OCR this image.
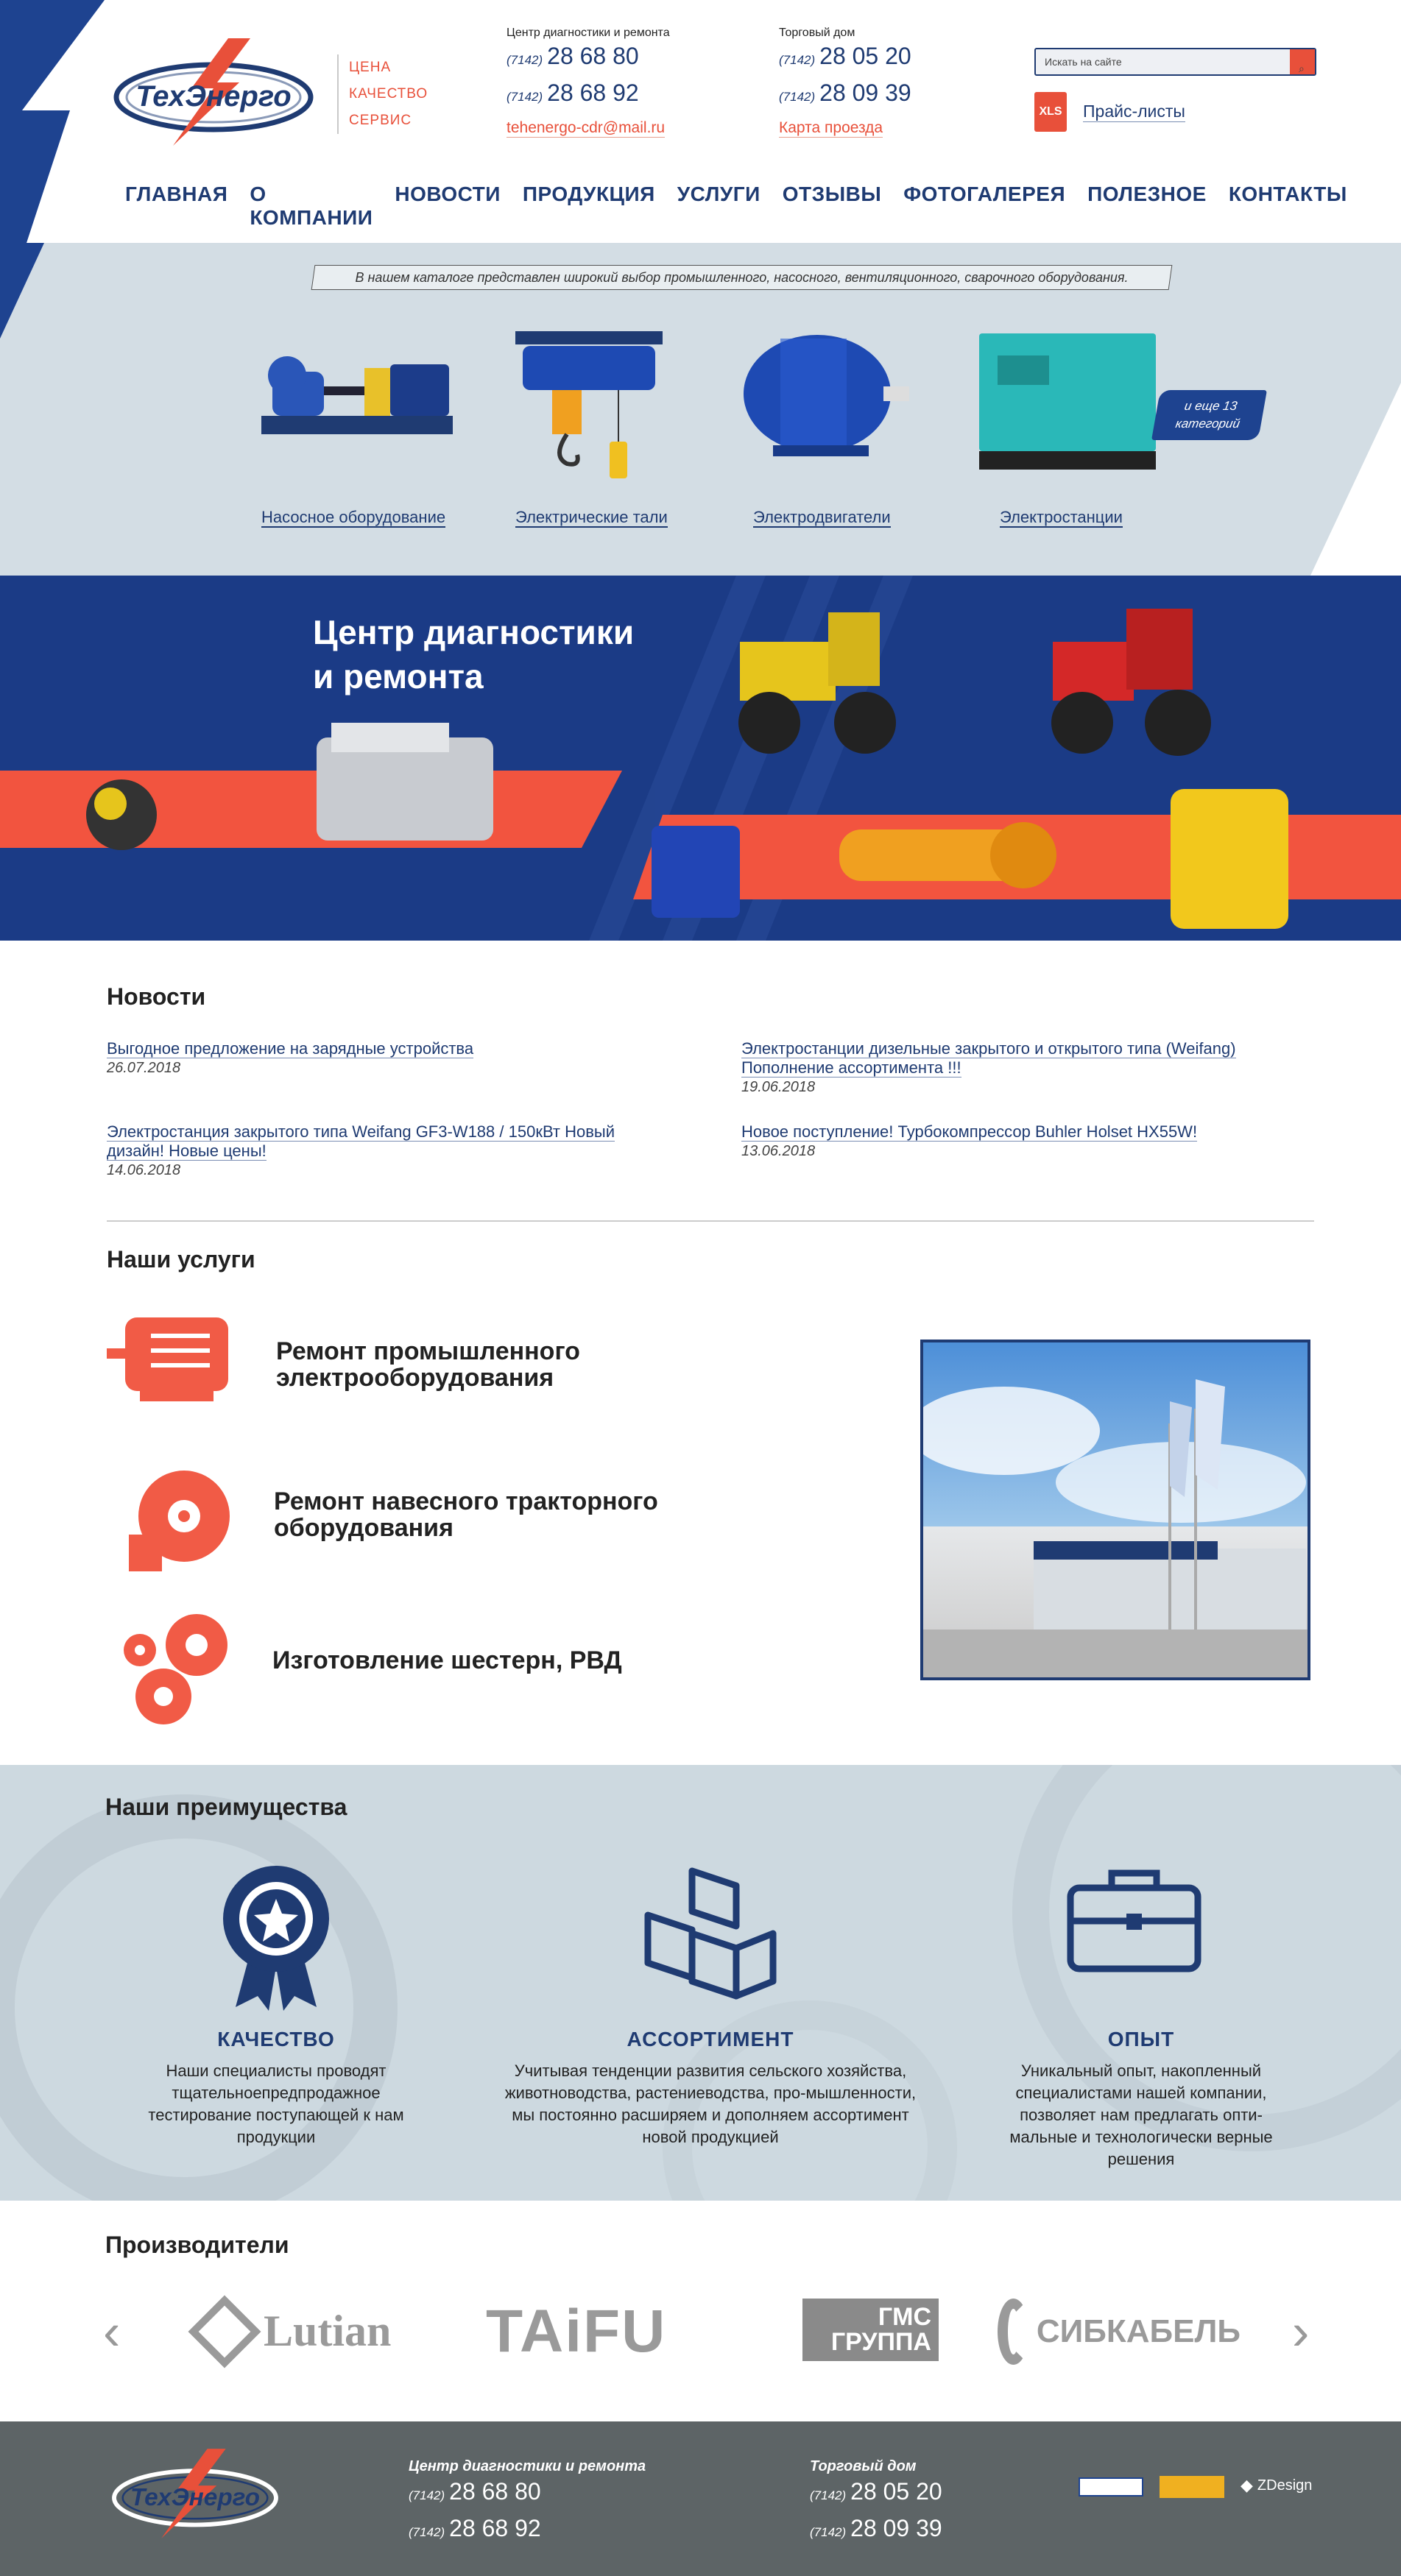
ТехЭнерго
ЦЕНА
КАЧЕСТВО
СЕРВИС
Центр диагностики и ремонта
(7142) 28 68 80
(7142) 28 68 92
tehenergo-cdr@mail.ru
Торговый дом
(7142) 28 05 20
(7142) 28 09 39
Карта проезда
Искать на сайте
⌕
XLS Прайс-листы
ГЛАВНАЯ О КОМПАНИИ
НОВОСТИ ПРОДУКЦИЯ УСЛУГИ ОТЗЫВЫ ФОТОГАЛЕРЕЯ ПОЛЕЗНОЕ КОНТАКТЫ
В нашем каталоге представлен широкий выбор промышленного, насосного, вентиляционного, сварочного оборудования.
и еще 13 категорий
Насосное оборудование	Электрические тали	Электродвигатели	Электростанции
Центр диагностики
и ремонта
Новости
Выгодное предложение на зарядные устройства
26.07.2018
Электростанции дизельные закрытого и открытого типа (Weifang) Пополнение ассортимента !!!
19.06.2018
Электростанция закрытого типа Weifang GF3-W188 / 150кВт Новый дизайн! Новые цены!
14.06.2018
Новое поступление! Турбокомпрессор Buhler Holset HX55W!
13.06.2018
Наши услуги
Ремонт промышленного электрооборудования
Ремонт навесного тракторного оборудования
Изготовление шестерн, РВД
Наши преимущества
КАЧЕСТВО
Наши специалисты проводят тщательноепредпродажное тестирование поступающей к нам продукции
АССОРТИМЕНТ
Учитывая тенденции развития сельского хозяйства, животноводства, растениеводства, про-мышленности, мы постоянно расширяем и дополняем ассортимент новой продукцией
ОПЫТ
Уникальный опыт, накопленный специалистами нашей компании, позволяет нам предлагать опти-мальные и технологически верные решения
Производители
‹	›
Lutian TAiFU	ГМС ГРУППА	СИБКАБЕЛЬ
ТехЭнерго
Центр диагностики и ремонта
(7142) 28 68 80
(7142) 28 68 92
Торговый дом
(7142) 28 05 20
(7142) 28 09 39
◆ ZDesign
